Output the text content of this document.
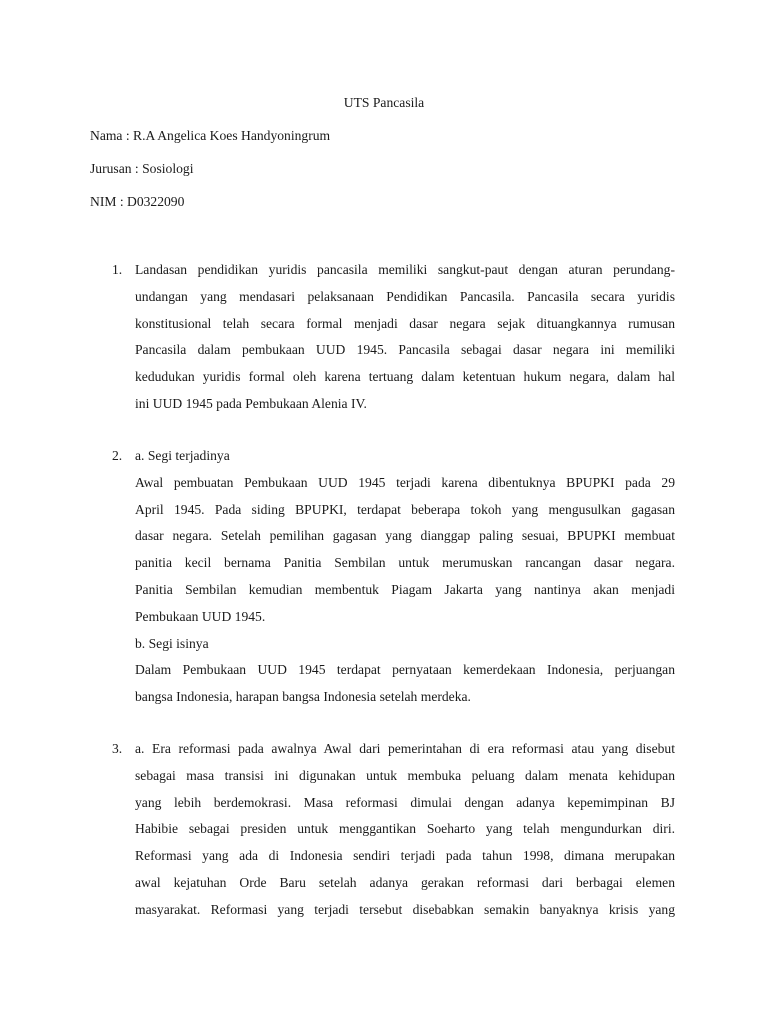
UTS Pancasila
Nama : R.A Angelica Koes Handyoningrum
Jurusan : Sosiologi
NIM : D0322090
1. Landasan pendidikan yuridis pancasila memiliki sangkut-paut dengan aturan perundang-
undangan yang mendasari pelaksanaan Pendidikan Pancasila. Pancasila secara yuridis
konstitusional telah secara formal menjadi dasar negara sejak dituangkannya rumusan
Pancasila dalam pembukaan UUD 1945. Pancasila sebagai dasar negara ini memiliki
kedudukan yuridis formal oleh karena tertuang dalam ketentuan hukum negara, dalam hal
ini UUD 1945 pada Pembukaan Alenia IV.
2. a. Segi terjadinya
Awal pembuatan Pembukaan UUD 1945 terjadi karena dibentuknya BPUPKI pada 29
April 1945. Pada siding BPUPKI, terdapat beberapa tokoh yang mengusulkan gagasan
dasar negara. Setelah pemilihan gagasan yang dianggap paling sesuai, BPUPKI membuat
panitia kecil bernama Panitia Sembilan untuk merumuskan rancangan dasar negara.
Panitia Sembilan kemudian membentuk Piagam Jakarta yang nantinya akan menjadi
Pembukaan UUD 1945.
b. Segi isinya
Dalam Pembukaan UUD 1945 terdapat pernyataan kemerdekaan Indonesia, perjuangan
bangsa Indonesia, harapan bangsa Indonesia setelah merdeka.
3. a. Era reformasi pada awalnya Awal dari pemerintahan di era reformasi atau yang disebut
sebagai masa transisi ini digunakan untuk membuka peluang dalam menata kehidupan
yang lebih berdemokrasi. Masa reformasi dimulai dengan adanya kepemimpinan BJ
Habibie sebagai presiden untuk menggantikan Soeharto yang telah mengundurkan diri.
Reformasi yang ada di Indonesia sendiri terjadi pada tahun 1998, dimana merupakan
awal kejatuhan Orde Baru setelah adanya gerakan reformasi dari berbagai elemen
masyarakat. Reformasi yang terjadi tersebut disebabkan semakin banyaknya krisis yang
